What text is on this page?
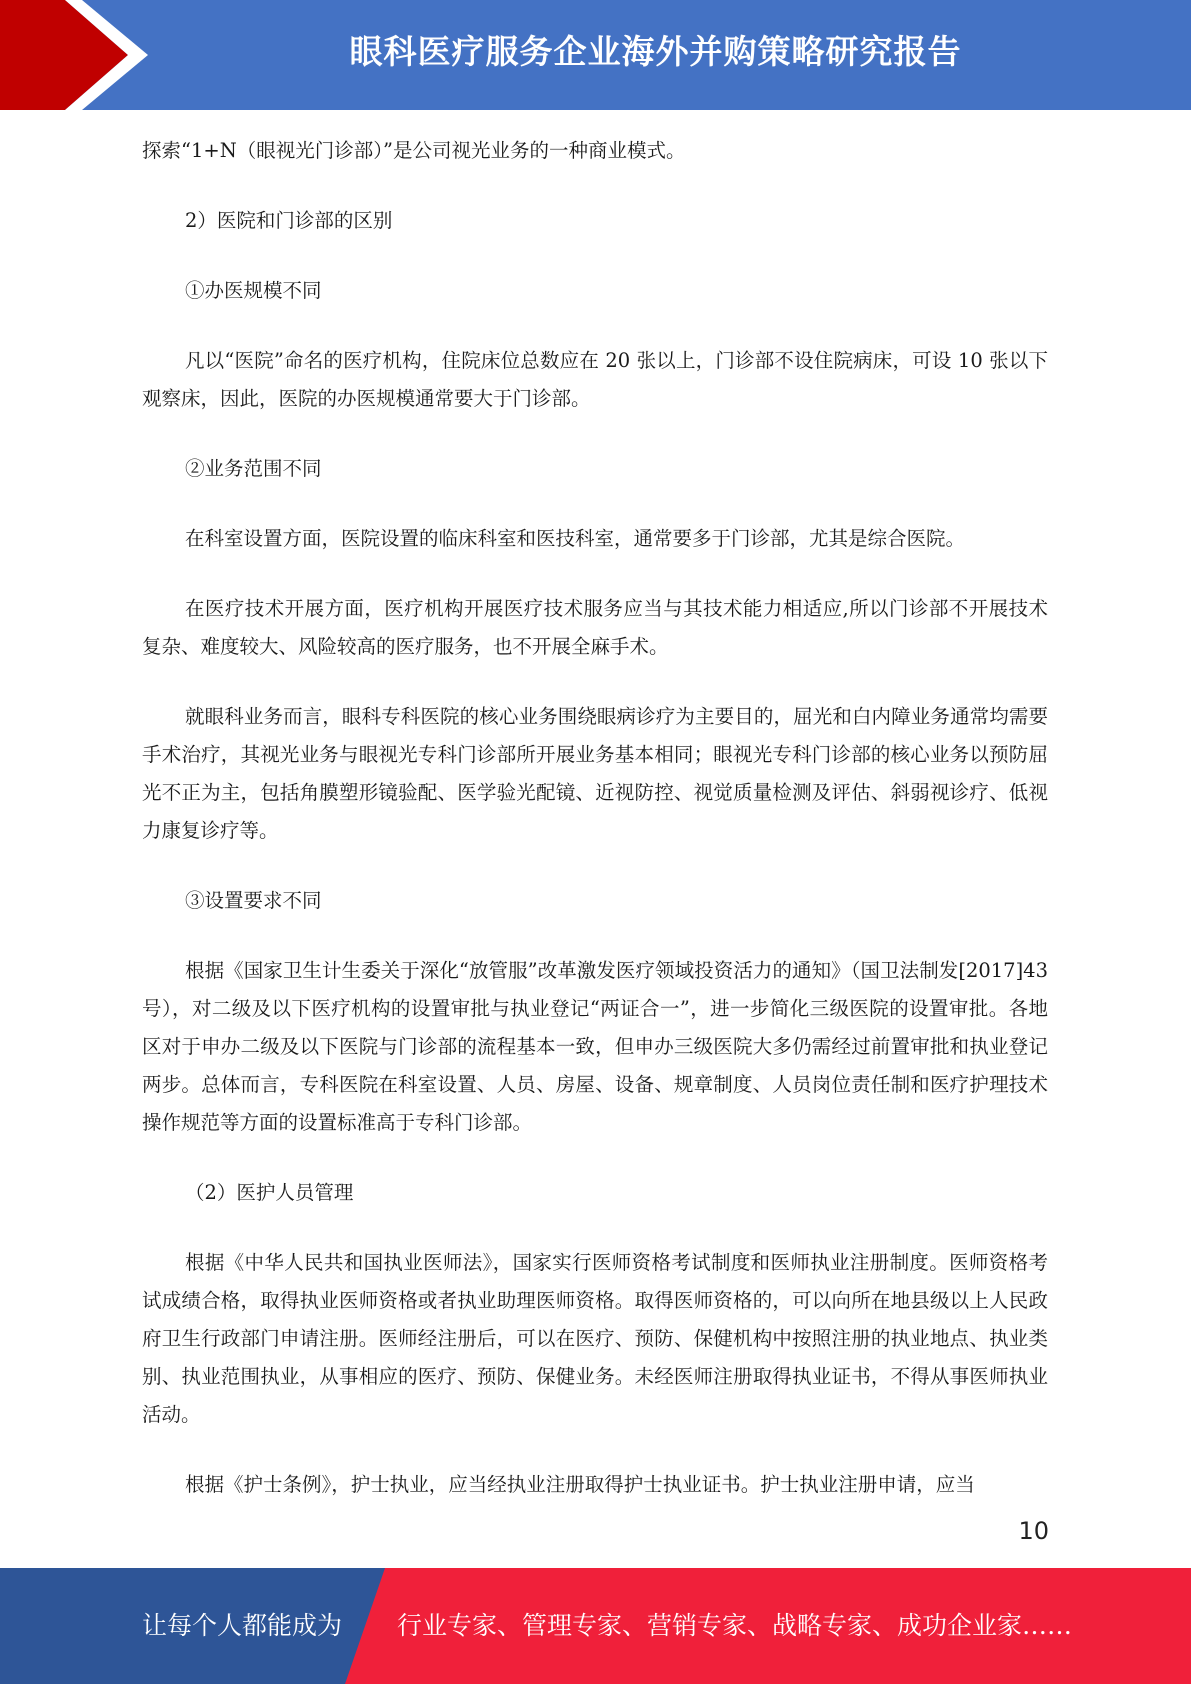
眼科医疗服务企业海外并购策略研究报告

探索“1+N（眼视光门诊部）”是公司视光业务的一种商业模式。

2）医院和门诊部的区别

①办医规模不同

凡以“医院”命名的医疗机构，住院床位总数应在 20 张以上，门诊部不设住院病床，可设 10 张以下观察床，因此，医院的办医规模通常要大于门诊部。

②业务范围不同

在科室设置方面，医院设置的临床科室和医技科室，通常要多于门诊部，尤其是综合医院。

在医疗技术开展方面，医疗机构开展医疗技术服务应当与其技术能力相适应,所以门诊部不开展技术复杂、难度较大、风险较高的医疗服务，也不开展全麻手术。

就眼科业务而言，眼科专科医院的核心业务围绕眼病诊疗为主要目的，屈光和白内障业务通常均需要手术治疗，其视光业务与眼视光专科门诊部所开展业务基本相同；眼视光专科门诊部的核心业务以预防屈光不正为主，包括角膜塑形镜验配、医学验光配镜、近视防控、视觉质量检测及评估、斜弱视诊疗、低视力康复诊疗等。

③设置要求不同

根据《国家卫生计生委关于深化“放管服”改革激发医疗领域投资活力的通知》（国卫法制发[2017]43 号），对二级及以下医疗机构的设置审批与执业登记“两证合一”，进一步简化三级医院的设置审批。各地区对于申办二级及以下医院与门诊部的流程基本一致，但申办三级医院大多仍需经过前置审批和执业登记两步。总体而言，专科医院在科室设置、人员、房屋、设备、规章制度、人员岗位责任制和医疗护理技术操作规范等方面的设置标准高于专科门诊部。

（2）医护人员管理

根据《中华人民共和国执业医师法》，国家实行医师资格考试制度和医师执业注册制度。医师资格考试成绩合格，取得执业医师资格或者执业助理医师资格。取得医师资格的，可以向所在地县级以上人民政府卫生行政部门申请注册。医师经注册后，可以在医疗、预防、保健机构中按照注册的执业地点、执业类别、执业范围执业，从事相应的医疗、预防、保健业务。未经医师注册取得执业证书，不得从事医师执业活动。

根据《护士条例》，护士执业，应当经执业注册取得护士执业证书。护士执业注册申请，应当

10
让每个人都能成为 行业专家、管理专家、营销专家、战略专家、成功企业家……
